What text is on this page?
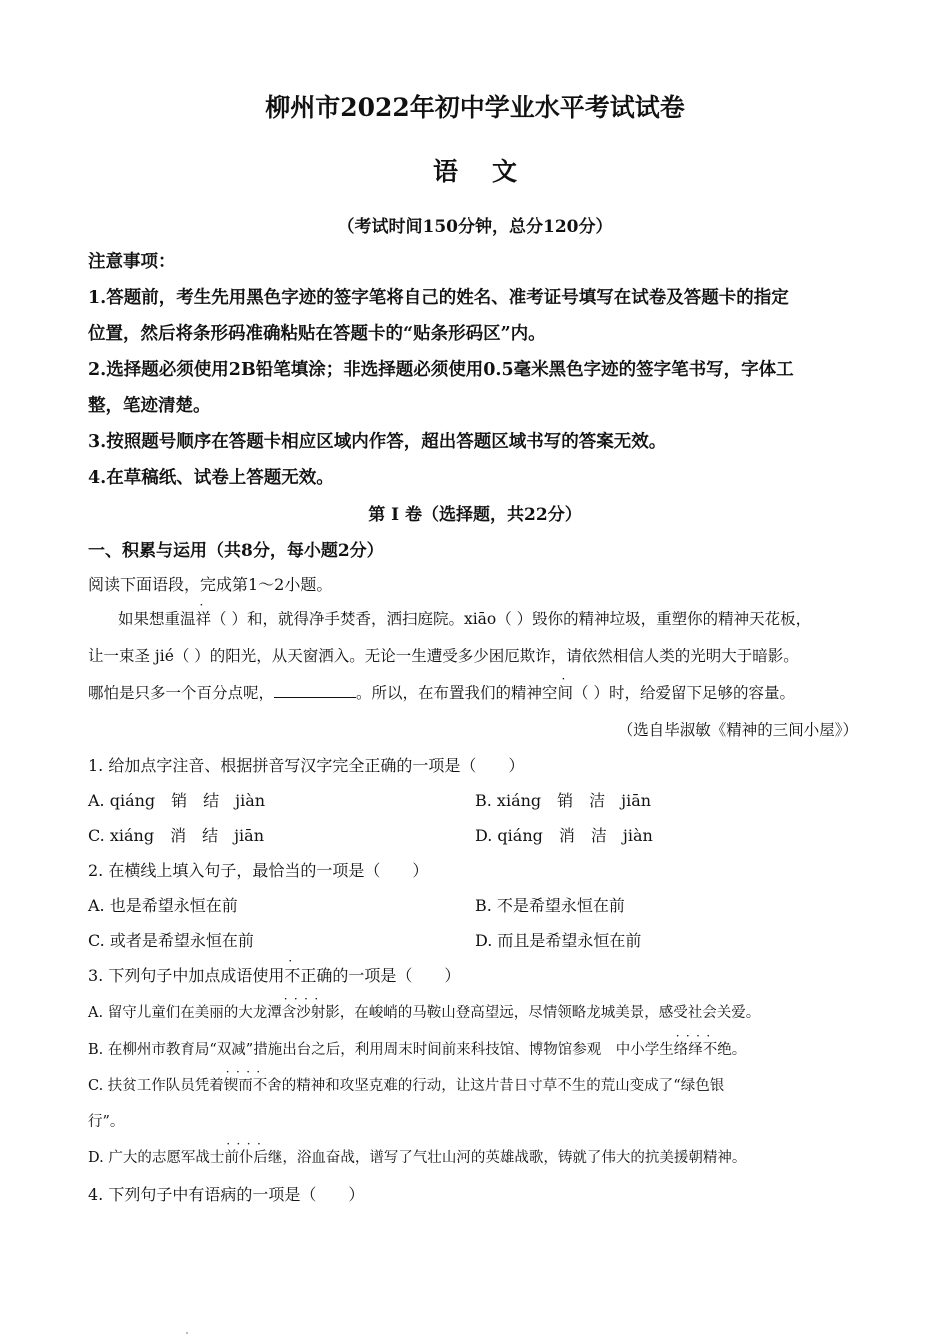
柳州市2022年初中学业水平考试试卷
语文
（考试时间150分钟，总分120分）
注意事项：
1.答题前，考生先用黑色字迹的签字笔将自己的姓名、准考证号填写在试卷及答题卡的指定
位置，然后将条形码准确粘贴在答题卡的“贴条形码区”内。
2.选择题必须使用2B铅笔填涂；非选择题必须使用0.5毫米黑色字迹的签字笔书写，字体工
整，笔迹清楚。
3.按照题号顺序在答题卡相应区域内作答，超出答题区域书写的答案无效。
4.在草稿纸、试卷上答题无效。
第 Ⅰ 卷（选择题，共22分）
一、积累与运用（共8分，每小题2分）
阅读下面语段，完成第1～2小题。
如果想重温祥（ ）和，就得净手焚香，洒扫庭院。xiāo（ ）毁你的精神垃圾，重塑你的精神天花板，
让一束圣 jié（ ）的阳光，从天窗洒入。无论一生遭受多少困厄欺诈，请依然相信人类的光明大于暗影。
哪怕是只多一个百分点呢，	。所以，在布置我们的精神空间（ ）时，给爱留下足够的容量。
（选自毕淑敏《精神的三间小屋》）
1. 给加点字注音、根据拼音写汉字完全正确的一项是（　　）
A. qiáng　销　结　jiàn	B. xiáng　销　洁　jiān
C. xiáng　消　结　jiān	D. qiáng　消　洁　jiàn
2. 在横线上填入句子，最恰当的一项是（　　）
A. 也是希望永恒在前	B. 不是希望永恒在前
C. 或者是希望永恒在前	D. 而且是希望永恒在前
3. 下列句子中加点成语使用不正确的一项是（　　）
A. 留守儿童们在美丽的大龙潭含沙射影 · · · ·，在峻峭的马鞍山登高望远，尽情领略龙城美景，感受社会关爱。
B. 在柳州市教育局“双减”措施出台之后，利用周末时间前来科技馆、博物馆参观　中小学生络绎不绝 · · · ·。
C. 扶贫工作队员凭着锲而不舍 · · · ·的精神和攻坚克难的行动，让这片昔日寸草不生的荒山变成了“绿色银
行”。
D. 广大的志愿军战士前仆后继 · · · ·，浴血奋战，谱写了气壮山河的英雄战歌，铸就了伟大的抗美援朝精神。
4. 下列句子中有语病的一项是（　　）
